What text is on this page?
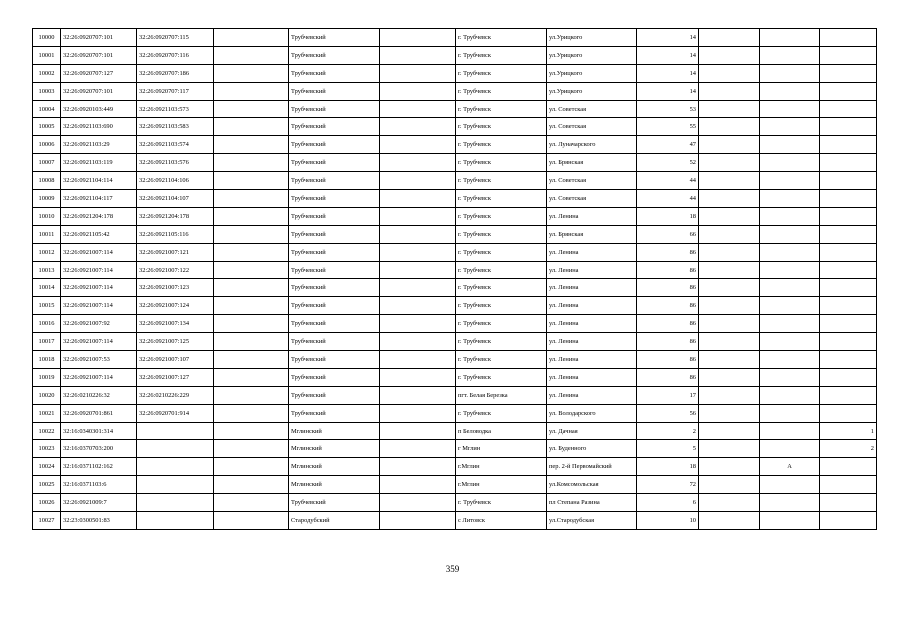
10000	32:26:0920707:101	32:26:0920707:115		Трубчевский		г. Трубчевск	ул.Урицкого	14			
10001	32:26:0920707:101	32:26:0920707:116		Трубчевский		г. Трубчевск	ул.Урицкого	14			
10002	32:26:0920707:127	32:26:0920707:186		Трубчевский		г. Трубчевск	ул.Урицкого	14			
10003	32:26:0920707:101	32:26:0920707:117		Трубчевский		г. Трубчевск	ул.Урицкого	14			
10004	32:26:0920103:449	32:26:0921103:573		Трубчевский		г. Трубчевск	ул. Советская	53			
10005	32:26:0921103:690	32:26:0921103:583		Трубчевский		г. Трубчевск	ул. Советская	55			
10006	32:26:0921103:29	32:26:0921103:574		Трубчевский		г. Трубчевск	ул. Луначарского	47			
10007	32:26:0921103:119	32:26:0921103:576		Трубчевский		г. Трубчевск	ул. Брянская	52			
10008	32:26:0921104:114	32:26:0921104:106		Трубчевский		г. Трубчевск	ул. Советская	44			
10009	32:26:0921104:117	32:26:0921104:107		Трубчевский		г. Трубчевск	ул. Советская	44			
10010	32:26:0921204:178	32:26:0921204:178		Трубчевский		г. Трубчевск	ул. Ленина	18			
10011	32:26:0921105:42	32:26:0921105:116		Трубчевский		г. Трубчевск	ул. Брянская	66			
10012	32:26:0921007:114	32:26:0921007:121		Трубчевский		г. Трубчевск	ул. Ленина	86			
10013	32:26:0921007:114	32:26:0921007:122		Трубчевский		г. Трубчевск	ул. Ленина	86			
10014	32:26:0921007:114	32:26:0921007:123		Трубчевский		г. Трубчевск	ул. Ленина	86			
10015	32:26:0921007:114	32:26:0921007:124		Трубчевский		г. Трубчевск	ул. Ленина	86			
10016	32:26:0921007:92	32:26:0921007:134		Трубчевский		г. Трубчевск	ул. Ленина	86			
10017	32:26:0921007:114	32:26:0921007:125		Трубчевский		г. Трубчевск	ул. Ленина	86			
10018	32:26:0921007:53	32:26:0921007:107		Трубчевский		г. Трубчевск	ул. Ленина	86			
10019	32:26:0921007:114	32:26:0921007:127		Трубчевский		г. Трубчевск	ул. Ленина	86			
10020	32:26:0210226:32	32:26:0210226:229		Трубчевский		пгт. Белая Березка	ул. Ленина	17			
10021	32:26:0920701:861	32:26:0920701:914		Трубчевский		г. Трубчевск	ул. Володарского	56			
10022	32:16:0340301:314			Мглинский		п Беловодка	ул. Дачная	2			1
10023	32:16:0370703:200			Мглинский		г Мглин	ул. Буденного	5			2
10024	32:16:0371102:162			Мглинский		г.Мглин	пер. 2-й Первомайский	18		А	
10025	32:16:0371103:6			Мглинский		г.Мглин	ул.Комсомольская	72			
10026	32:26:0921009:7			Трубчевский		г. Трубчевск	пл Степана Разина	6			
10027	32:23:0300501:83			Стародубский		с Литовск	ул.Стародубская	10			
359
